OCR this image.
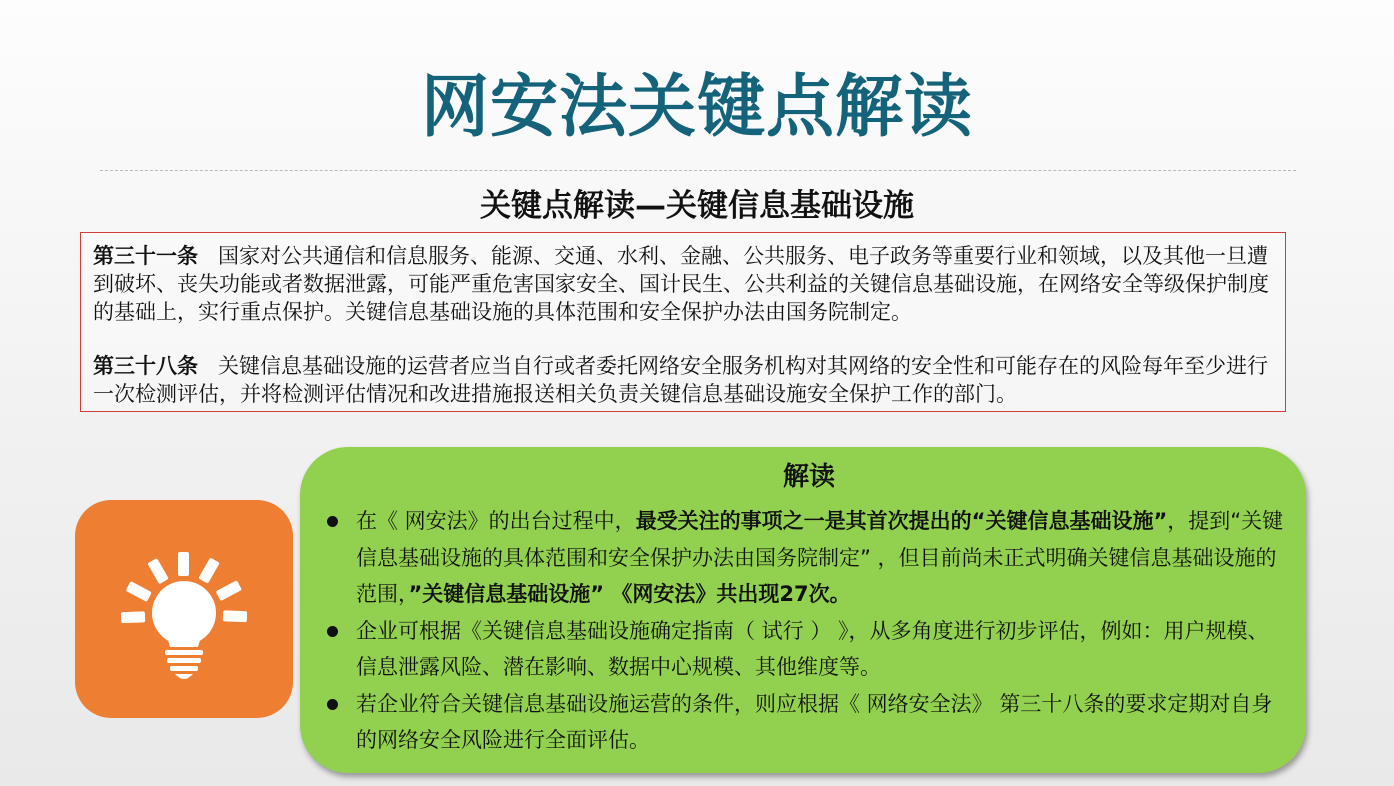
网安法关键点解读
关键点解读—关键信息基础设施

第三十一条 国家对公共通信和信息服务、能源、交通、水利、金融、公共服务、电子政务等重要行业和领域，以及其他一旦遭到破坏、丧失功能或者数据泄露，可能严重危害国家安全、国计民生、公共利益的关键信息基础设施，在网络安全等级保护制度的基础上，实行重点保护。关键信息基础设施的具体范围和安全保护办法由国务院制定。

第三十八条 关键信息基础设施的运营者应当自行或者委托网络安全服务机构对其网络的安全性和可能存在的风险每年至少进行一次检测评估，并将检测评估情况和改进措施报送相关负责关键信息基础设施安全保护工作的部门。

解读
在《 网安法》的出台过程中，最受关注的事项之一是其首次提出的“关键信息基础设施”，提到“关键信息基础设施的具体范围和安全保护办法由国务院制定” ，但目前尚未正式明确关键信息基础设施的范围，”关键信息基础设施” 《网安法》共出现27次。
企业可根据《关键信息基础设施确定指南（ 试行 ） 》，从多角度进行初步评估，例如：用户规模、信息泄露风险、潜在影响、数据中心规模、其他维度等。
若企业符合关键信息基础设施运营的条件，则应根据《 网络安全法》 第三十八条的要求定期对自身的网络安全风险进行全面评估。
